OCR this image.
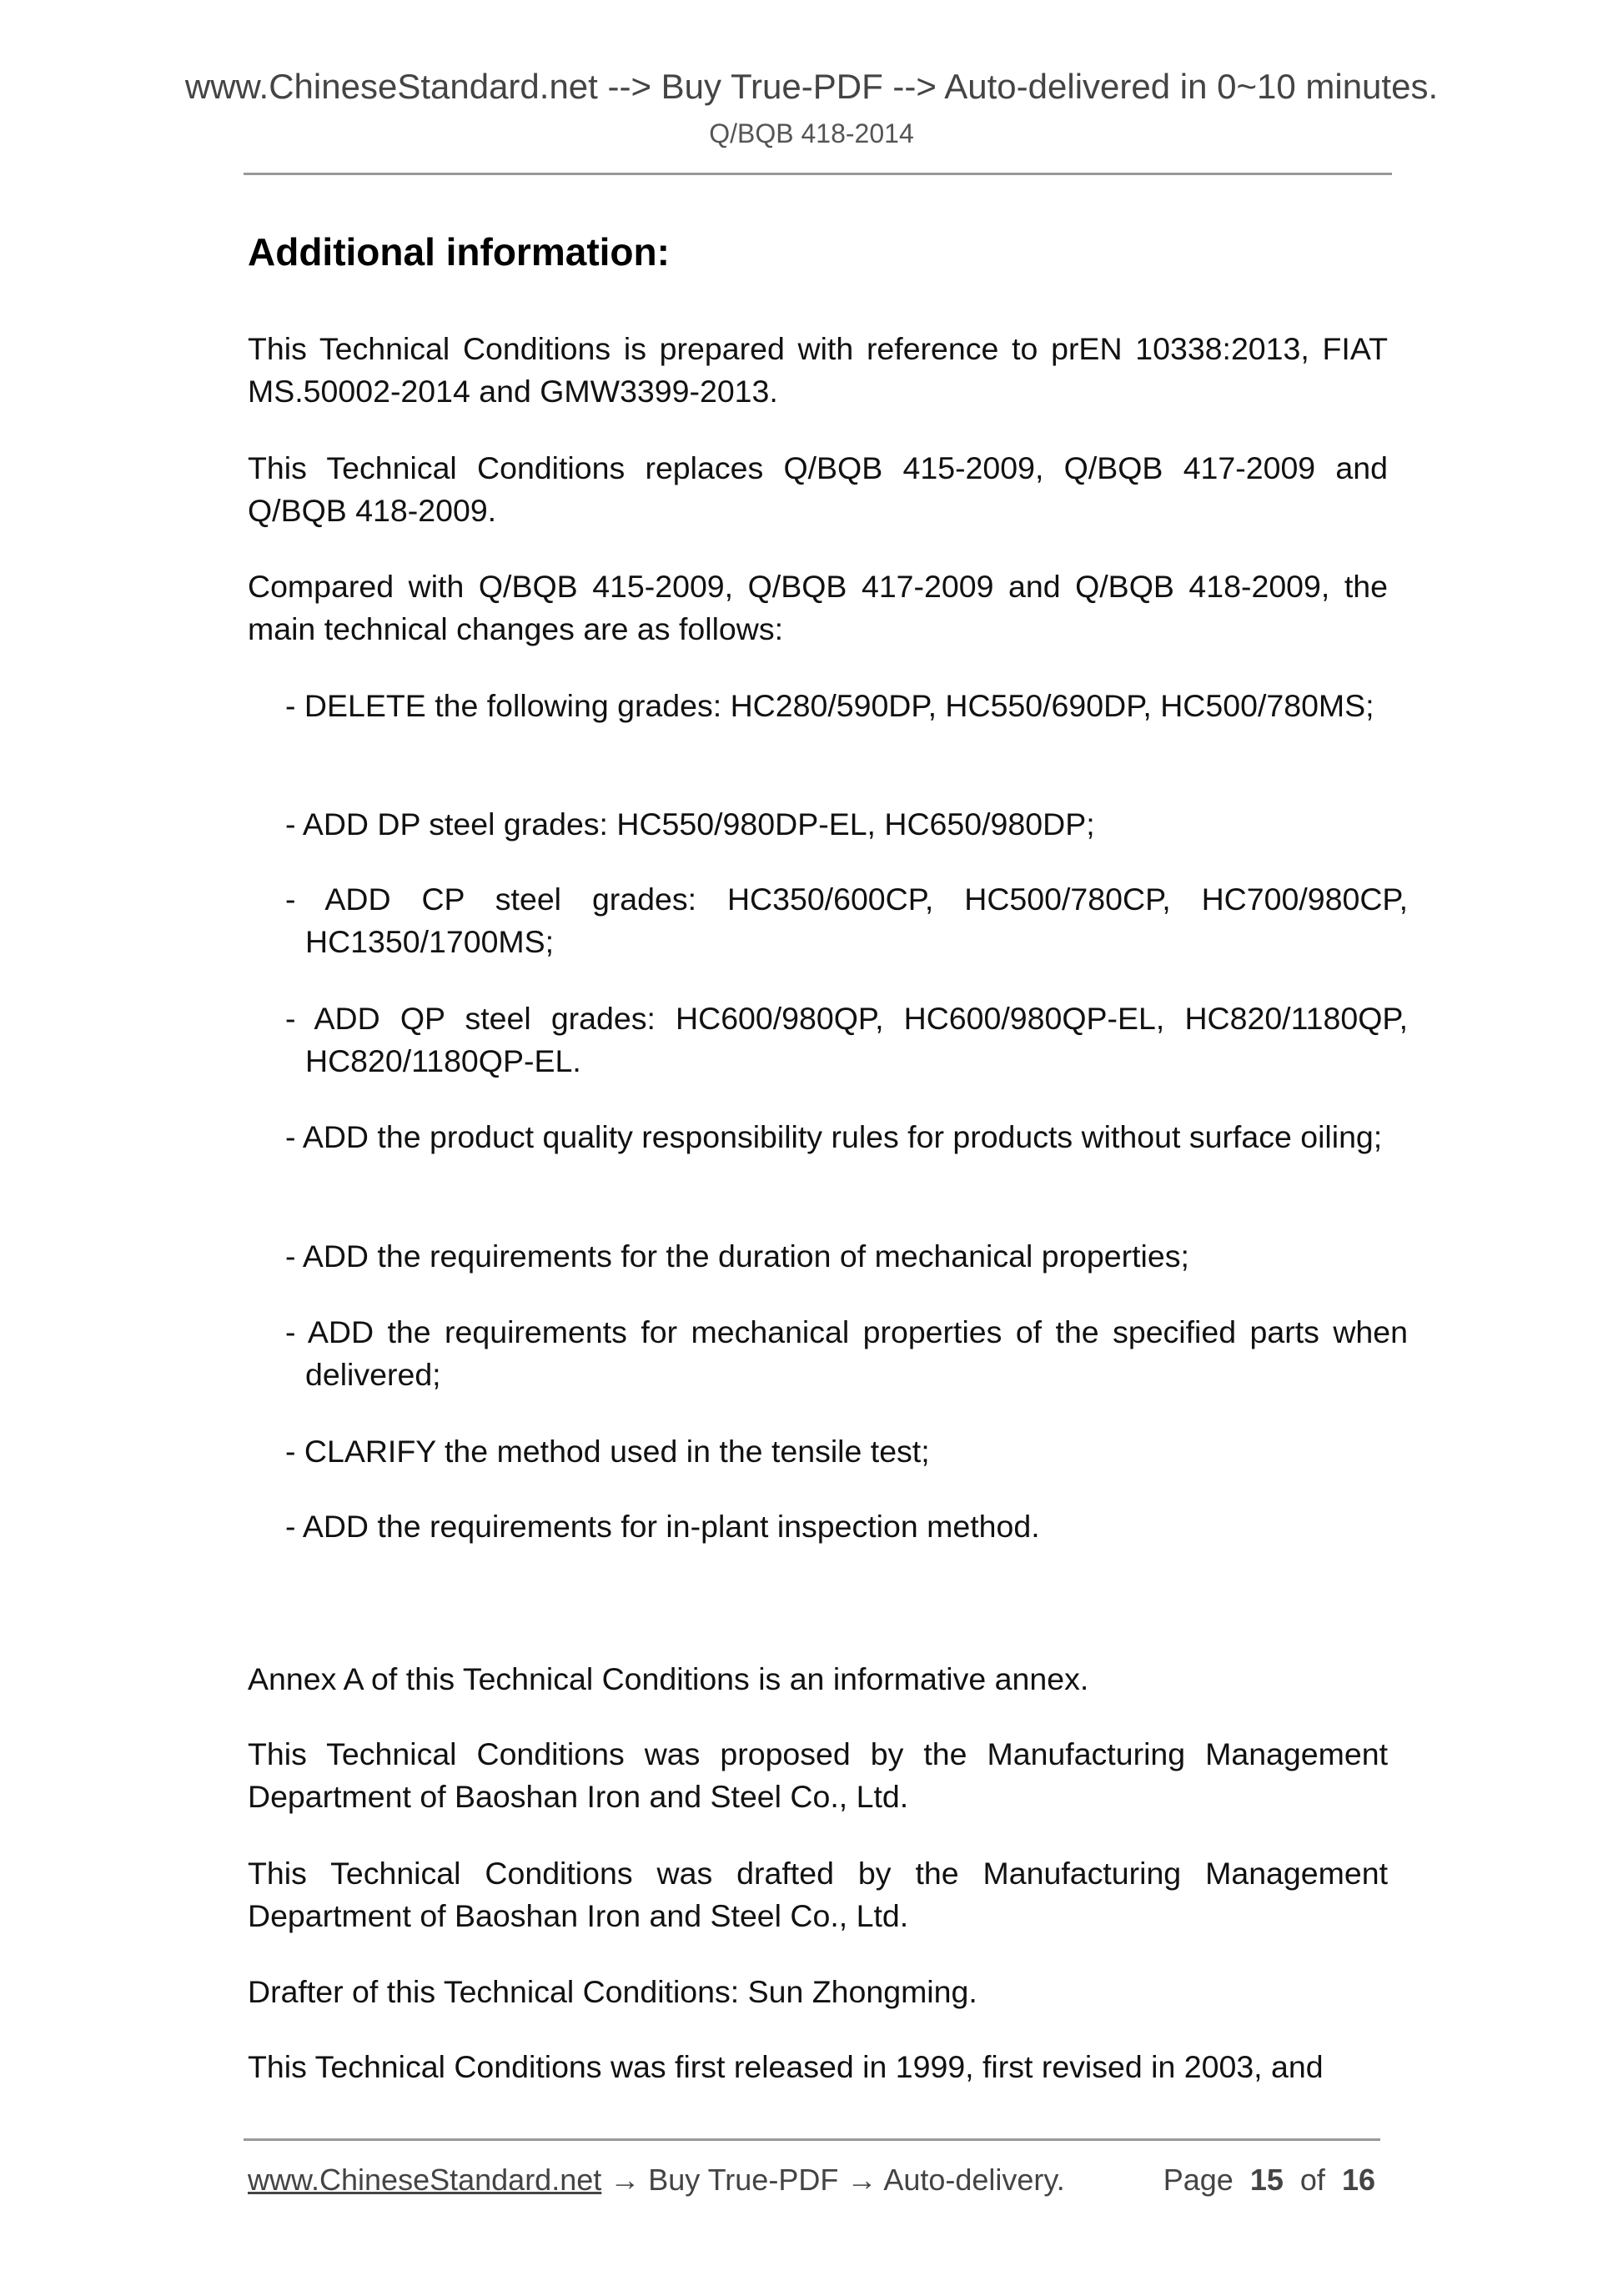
www.ChineseStandard.net --> Buy True-PDF --> Auto-delivered in 0~10 minutes.
Q/BQB 418-2014
Additional information:
This Technical Conditions is prepared with reference to prEN 10338:2013, FIAT MS.50002-2014 and GMW3399-2013.
This Technical Conditions replaces Q/BQB 415-2009, Q/BQB 417-2009 and Q/BQB 418-2009.
Compared with Q/BQB 415-2009, Q/BQB 417-2009 and Q/BQB 418-2009, the main technical changes are as follows:
- DELETE the following grades: HC280/590DP, HC550/690DP, HC500/780MS;
- ADD DP steel grades: HC550/980DP-EL, HC650/980DP;
- ADD CP steel grades: HC350/600CP, HC500/780CP, HC700/980CP, HC1350/1700MS;
- ADD QP steel grades: HC600/980QP, HC600/980QP-EL, HC820/1180QP, HC820/1180QP-EL.
- ADD the product quality responsibility rules for products without surface oiling;
- ADD the requirements for the duration of mechanical properties;
- ADD the requirements for mechanical properties of the specified parts when delivered;
- CLARIFY the method used in the tensile test;
- ADD the requirements for in-plant inspection method.
Annex A of this Technical Conditions is an informative annex.
This Technical Conditions was proposed by the Manufacturing Management Department of Baoshan Iron and Steel Co., Ltd.
This Technical Conditions was drafted by the Manufacturing Management Department of Baoshan Iron and Steel Co., Ltd.
Drafter of this Technical Conditions: Sun Zhongming.
This Technical Conditions was first released in 1999, first revised in 2003, and
www.ChineseStandard.net → Buy True-PDF → Auto-delivery.	Page 15 of 16
